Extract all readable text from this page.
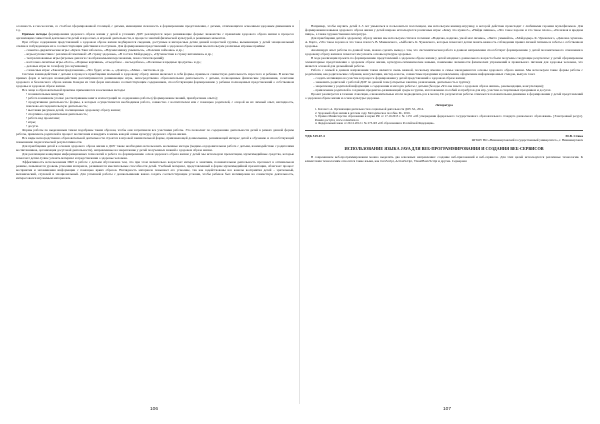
осознность к гносеологии, со столбом сформированной столицей, с детьми, имеющими склонность к формированию представления, с детьми, отличающихся освоенным здоровым движением и т.д.

Прямые методы формирования здорового образа жизни у детей в условиях ДОУ реализуются через развивающие формы: знакомство с правилами здорового образа жизни в процессе организации совместной деятельности детей и взрослых, в игровой деятельности, в процессе занятий физической культурой, в режимных моментах.

При отборе содержания представлений о здоровом образе жизни подбираются сведения, доступные и интересные детям данной возрастной группы, вызывающие у детей эмоциональный отклик и побуждающие их к соответствующим действиям и поступкам. Для формирования представлений о здоровом образе жизни мы используем различные игровые приёмы:

– сюжетно-дидактические игры: «Кукла Таня заболела», «Научим мишку умываться», «Полечим зайчонка» и др.;

– игры-путешествия с различной тематикой: «В страну здоровья», «В гости к Мойдодыру», «Путешествие в страну витаминов» и др.;

– театрализованные игры (игровые диалоги с воображаемыми персонажами, показ стихотворений);

– настольно-печатные игры «Лото», «Парные картинки», «Съедобное – несъедобное», «Полезные и вредные продукты» и др.;

– деловые игры по телефону (на заучивание);

– словесные игры: «Закончи предложение», «Что будет, если...», «Доктор», «Мама – чистюля» и др.

Система взаимодействия с детьми в процессе приобщения малышей к здоровому образу жизни включает в себя формы, приемы и совместную деятельность взрослого и ребенка. В качестве прямых форм и методов взаимодействия рассматриваются развивающие игры, непосредственно образовательная деятельность с детьми, полноценные физические упражнения, сочетание здорового и безопасного образа жизни. Каждая из этих форм наполнена соответствующим содержанием, способствующим формированию у ребенка полноценных представлений о собственном здоровье и здоровом образе жизни.

Все чаще в образовательной практике применяются и косвенные методы:

• познавательные минутки;

• работа в книжном уголке: рассматривание книг и иллюстраций по содержанию работы (сформирование знаний, приобретение опыта);

• продуктивная деятельность: формы, в которых осуществляется необходимая работа, совместно с воспитателем или с помощью родителей, с опорой на их личный опыт, наглядность, поисково-исследовательскую деятельность;

• выставки рисунков детей, посвященные здоровому образу жизни;

• спортивно-оздоровительная деятельность;

• работа над проектами;

• игры;

• досуги.

Формы работы по выделенным темам подобраны таким образом, чтобы они затрагивали все участники работы. Это позволяет по содержанию деятельности детей в рамках данной формы работы, привлекать родителей в процесс воспитания и внедрять в жизнь каждой семьи культуру здорового образа жизни.

Все виды непосредственно образовательной деятельности строятся в игровой занимательной форме, привлекающей дошкольника, развивающей интерес детей к обучению и способствующей повышению педагогической результативности.

Для приобщения детей к основам здорового образа жизни в ДОУ также необходимо использовать косвенные методы (медико-оздоровительная работа с детьми, взаимодействие с родителями воспитанников, организация досуговой деятельности), направленные на закрепление у детей полученных знаний о здоровом образе жизни.

Для реализации концепции информационных технологий в работе по формированию основ здорового образа жизни у детей мы используем презентации, мультимедийные средства, которые помогают детям лучше усвоить материал и представления о здоровье человека.

Эффективность использования ИКТ в работе с детьми обусловлена тем, что при этом значительно возрастает интерес к занятиям, познавательная деятельность протекает в оптимальном режиме, повышается уровень усвоения материала, развиваются мыслительные способности детей. Учебный материал, представленный в форме мультимедийной презентации, облегчает процесс восприятия и запоминания информации с помощью ярких образов. Наглядность материала повышает его усвоение, так как задействованы все каналы восприятия детей – зрительный, механический, слуховой и эмоциональный. Для успешной работы с дошкольниками важно создать соответствующие условия, чтобы ребенок был мотивирован на совместную деятельность, интересовался изучаемым материалом.

Например, чтобы научить детей 2–3 лет умываться и пользоваться полотенцем, мы используем книжку-игрушку, в которой действие происходит с любимыми героями мультфильмов. Для формирования навыков здорового образа жизни у детей широко используются различные игры: «Кому что нужно?», «Найди лишнее», «Что такое хорошо и что такое плохо», «Полезная и вредная пища», а также художественная литература.

Для приобщения детей к здоровому образу жизни мы используем стихи и потешки: «Водичка, водичка, умой моё личико», «Чисто умывайся», «Мойдодыр» К. Чуковского, «Девочка чумазая» А. Барто, «Что такое хорошо и что такое плохо?» В. Маяковского, «Айболит» К. Чуковского, которые помогают детям понять важность соблюдения правил личной гигиены и заботы о собственном здоровье.

Анализируя опыт работы по данной теме, можно сделать вывод о том, что систематическая работа в данном направлении способствует формированию у детей положительного отношения к здоровому образу жизни и помогает им усвоить основы культуры здоровья.

В ходе реализации проекта по формированию представлений о здоровом образе жизни у детей младшего дошкольного возраста были получены следующие результаты: у детей сформированы элементарные представления о здоровом образе жизни, культурно-гигиенические навыки, понимание значимости физических упражнений и правильного питания для здоровья человека, что является основой для дальнейшей работы.

Работа с семьей в данном направлении также является очень важной, поскольку именно в семье закладываются основы здорового образа жизни. Мы используем такие формы работы с родителями, как родительские собрания, консультации, мастер-классы, совместные праздники и развлечения, оформление информационных стендов, выпуск газет.

– создать мотивацию на участие в процессе формирования у детей представлений о здоровом образе жизни;

– знакомить родителей с работой ДОУ по данной теме (открытые занятия, развлечения, деятельность в группе);

– закрепление у родителей информации о содержании и методах работы с детьми (беседы «Что вы знаете о здоровом образе жизни», рекомендации, консультации);

– привлечение родителей к созданию предметно-развивающей среды в группе, изготовлению пособий и атрибутов для игр, участию в спортивных праздниках и досугах.

Проект реализуется в течение 4 месяцев, ознакомительные итоги подводились раз в месяц. По результатам работы отмечается положительная динамика в формировании у детей представлений о здоровом образе жизни и основ культуры здоровья.

Литература
1. Котова С.А. Организация деятельности в социальной деятельности ДОУ. М., 2014.
2. Здоровый образ жизни в детском саду. Методическое пособие. М., 2016.
3. Приказ Министерства образования и науки РФ от 17.10.2013 г. № 1155 «Об утверждении федерального государственного образовательного стандарта дошкольного образования». [Электронный ресурс]. Режим доступа: www.consultant.ru
4. Федеральный закон от 29.12.2012 г. № 273-ФЗ «Об образовании в Российской Федерации».
УДК 519.67.4	М.В. Стяка
ФГБОУ ВО «Нижневартовский государственный университет», г. Нижневартовск
ИСПОЛЬЗОВАНИЕ ЯЗЫКА JAVA ДЛЯ ВЕБ-ПРОГРАММИРОВАНИЯ И СОЗДАНИЯ ВЕБ-СЕРВИСОВ

В современном веб-программировании можно выделить два ключевых направления: создание веб-приложений и веб-сервисов. Для этих целей используются различные технологии. К клиентским технологиям относятся такие языки, как JavaScript, ActionScript, VisualBasicScript и другие. Серверная

106	107
